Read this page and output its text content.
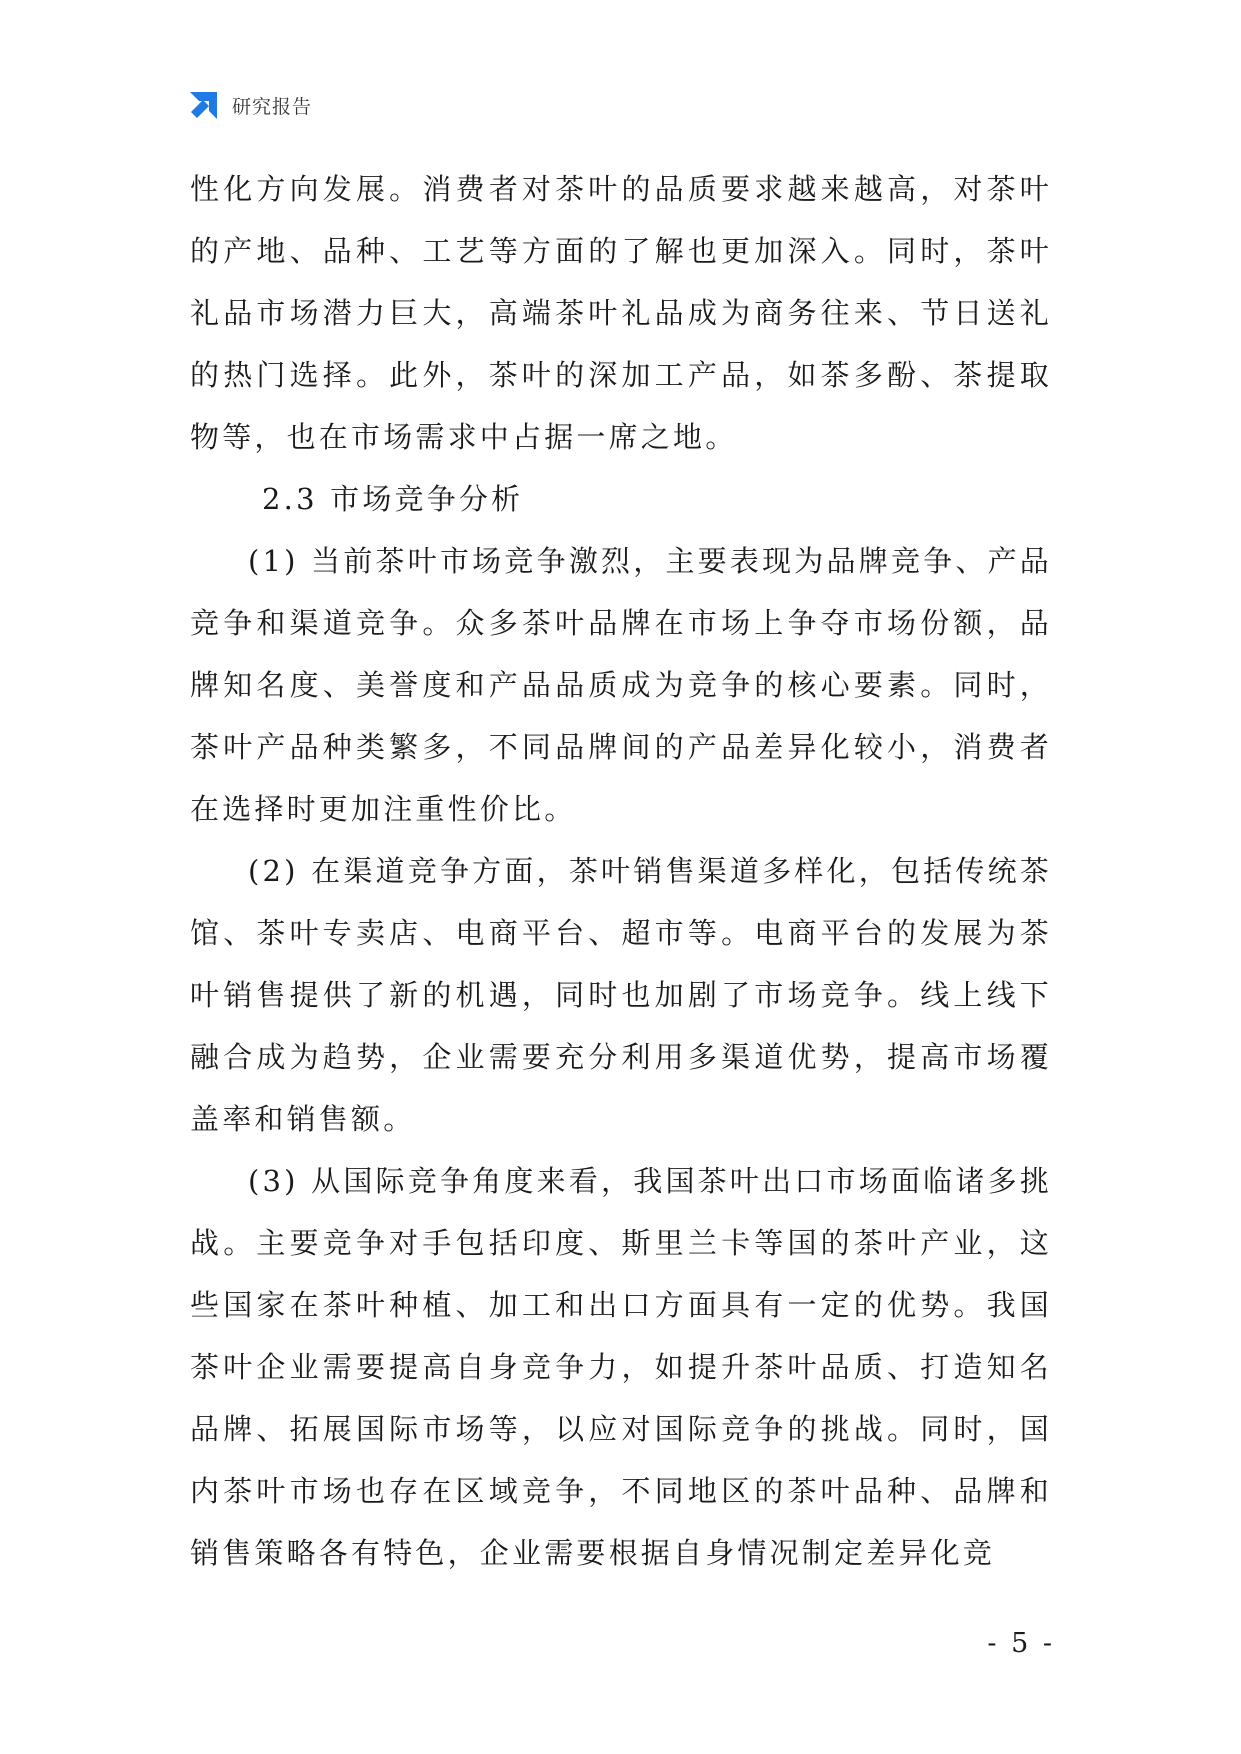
研究报告

性化方向发展。消费者对茶叶的品质要求越来越高，对茶叶的产地、品种、工艺等方面的了解也更加深入。同时，茶叶礼品市场潜力巨大，高端茶叶礼品成为商务往来、节日送礼的热门选择。此外，茶叶的深加工产品，如茶多酚、茶提取物等，也在市场需求中占据一席之地。

2.3 市场竞争分析

(1) 当前茶叶市场竞争激烈，主要表现为品牌竞争、产品竞争和渠道竞争。众多茶叶品牌在市场上争夺市场份额，品牌知名度、美誉度和产品品质成为竞争的核心要素。同时，茶叶产品种类繁多，不同品牌间的产品差异化较小，消费者在选择时更加注重性价比。

(2) 在渠道竞争方面，茶叶销售渠道多样化，包括传统茶馆、茶叶专卖店、电商平台、超市等。电商平台的发展为茶叶销售提供了新的机遇，同时也加剧了市场竞争。线上线下融合成为趋势，企业需要充分利用多渠道优势，提高市场覆盖率和销售额。

(3) 从国际竞争角度来看，我国茶叶出口市场面临诸多挑战。主要竞争对手包括印度、斯里兰卡等国的茶叶产业，这些国家在茶叶种植、加工和出口方面具有一定的优势。我国茶叶企业需要提高自身竞争力，如提升茶叶品质、打造知名品牌、拓展国际市场等，以应对国际竞争的挑战。同时，国内茶叶市场也存在区域竞争，不同地区的茶叶品种、品牌和销售策略各有特色，企业需要根据自身情况制定差异化竞

- 5 -
